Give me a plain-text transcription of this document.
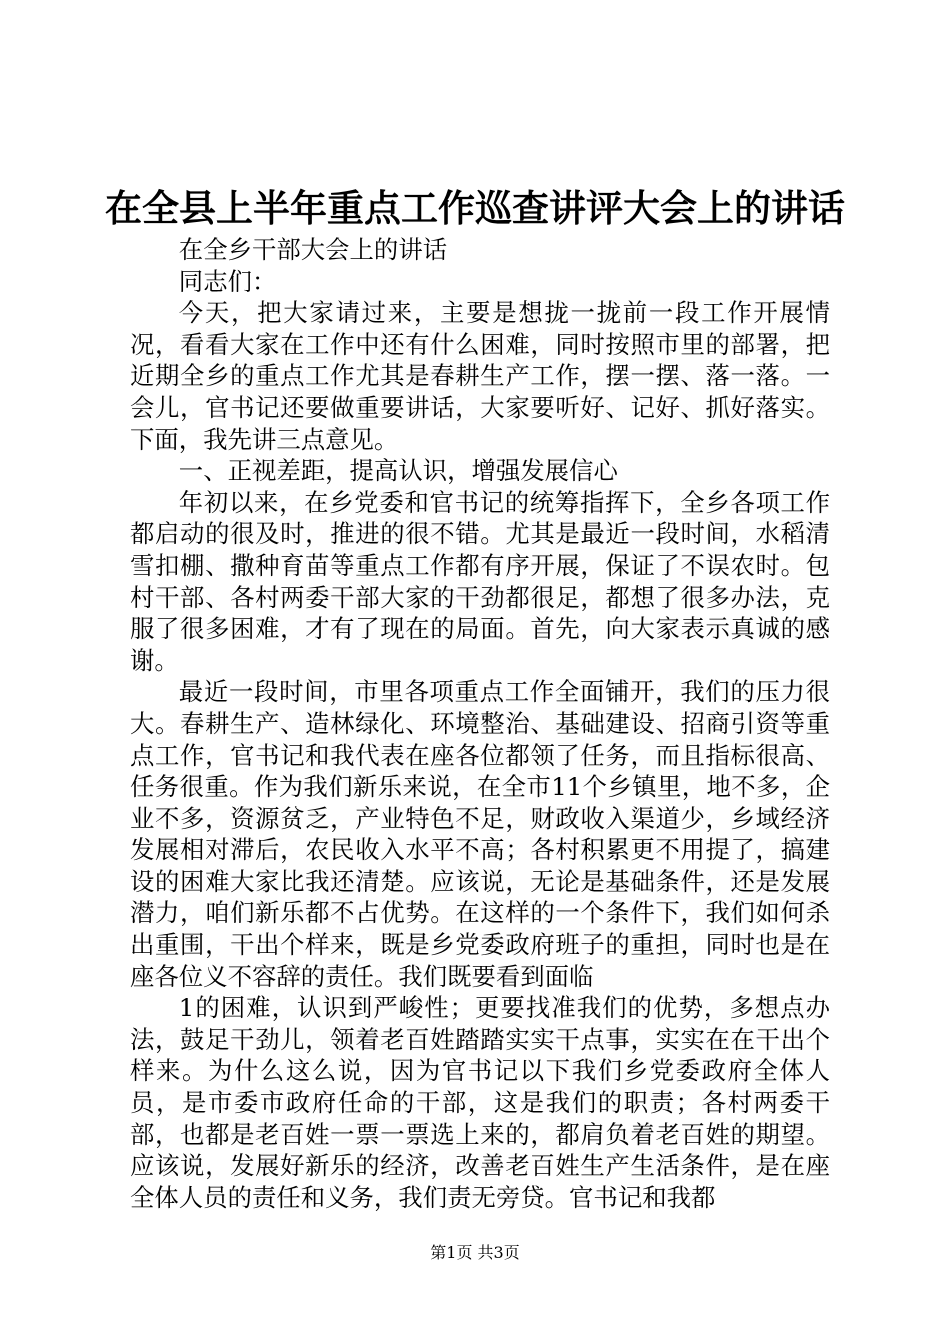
在全县上半年重点工作巡查讲评大会上的讲话

在全乡干部大会上的讲话

同志们：

今天，把大家请过来，主要是想拢一拢前一段工作开展情况，看看大家在工作中还有什么困难，同时按照市里的部署，把近期全乡的重点工作尤其是春耕生产工作，摆一摆、落一落。一会儿，官书记还要做重要讲话，大家要听好、记好、抓好落实。下面，我先讲三点意见。

一、正视差距，提高认识，增强发展信心

年初以来，在乡党委和官书记的统筹指挥下，全乡各项工作都启动的很及时，推进的很不错。尤其是最近一段时间，水稻清雪扣棚、撒种育苗等重点工作都有序开展，保证了不误农时。包村干部、各村两委干部大家的干劲都很足，都想了很多办法，克服了很多困难，才有了现在的局面。首先，向大家表示真诚的感谢。

最近一段时间，市里各项重点工作全面铺开，我们的压力很大。春耕生产、造林绿化、环境整治、基础建设、招商引资等重点工作，官书记和我代表在座各位都领了任务，而且指标很高、任务很重。作为我们新乐来说，在全市11个乡镇里，地不多，企业不多，资源贫乏，产业特色不足，财政收入渠道少，乡域经济发展相对滞后，农民收入水平不高；各村积累更不用提了，搞建设的困难大家比我还清楚。应该说，无论是基础条件，还是发展潜力，咱们新乐都不占优势。在这样的一个条件下，我们如何杀出重围，干出个样来，既是乡党委政府班子的重担，同时也是在座各位义不容辞的责任。我们既要看到面临

1的困难，认识到严峻性；更要找准我们的优势，多想点办法，鼓足干劲儿，领着老百姓踏踏实实干点事，实实在在干出个样来。为什么这么说，因为官书记以下我们乡党委政府全体人员，是市委市政府任命的干部，这是我们的职责；各村两委干部，也都是老百姓一票一票选上来的，都肩负着老百姓的期望。应该说，发展好新乐的经济，改善老百姓生产生活条件，是在座全体人员的责任和义务，我们责无旁贷。官书记和我都

第1页 共3页
